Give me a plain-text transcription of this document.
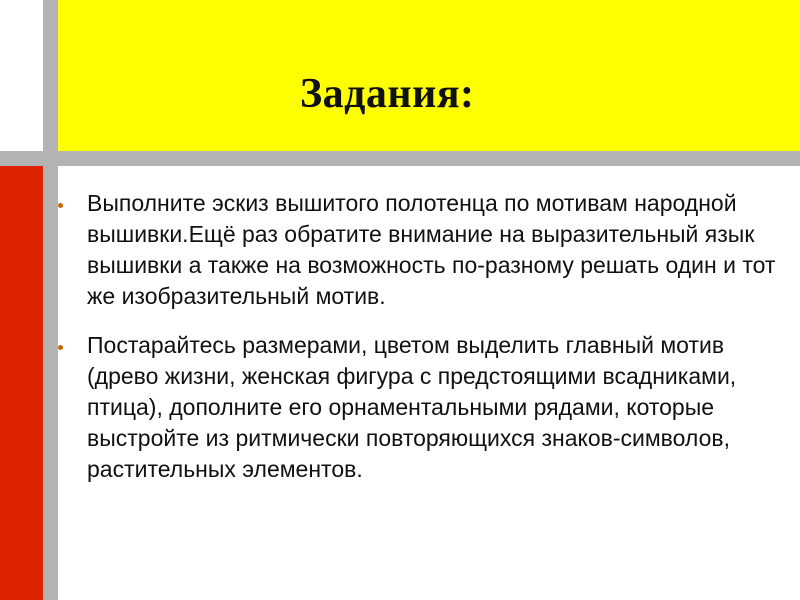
Задания:
Выполните эскиз вышитого полотенца по мотивам народной вышивки.Ещё раз обратите внимание на выразительный язык вышивки а также на возможность по-разному решать один и тот же изобразительный мотив.
Постарайтесь размерами, цветом выделить главный мотив (древо жизни, женская фигура с предстоящими всадниками, птица), дополните его орнаментальными рядами, которые выстройте из ритмически повторяющихся знаков-символов, растительных элементов.
